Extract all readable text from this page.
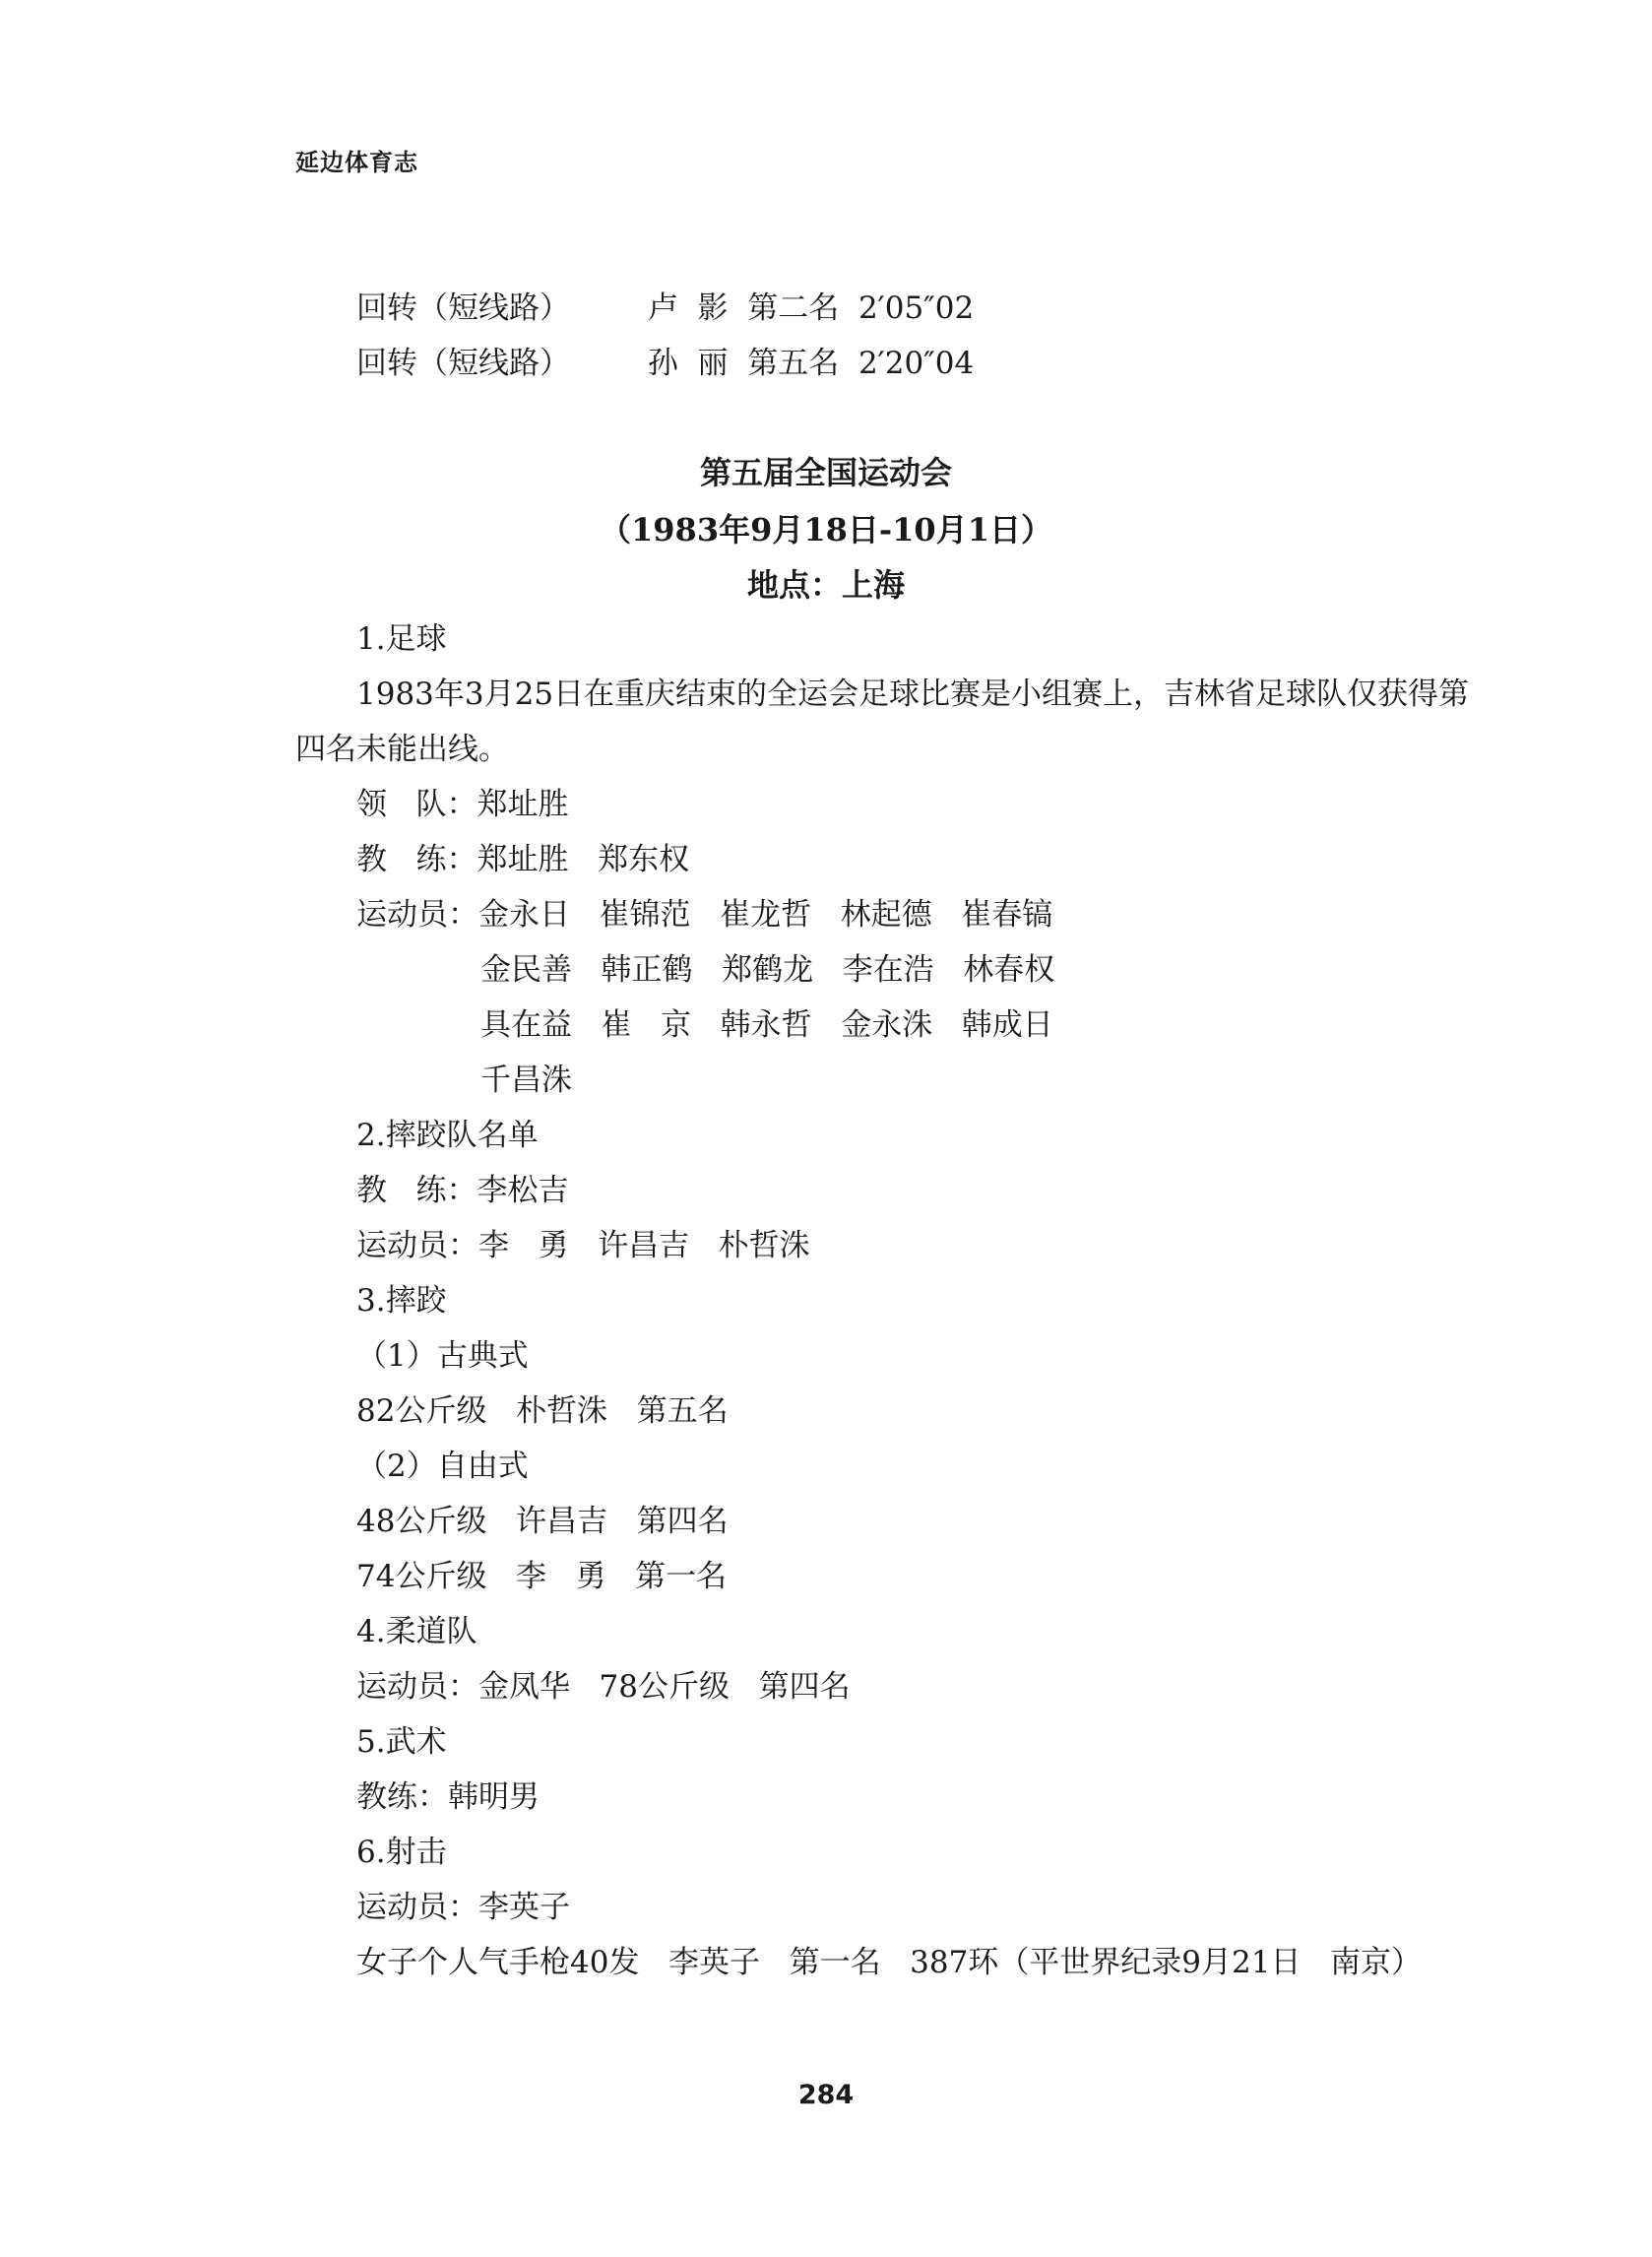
延边体育志
回转（短线路）        卢  影  第二名  2′05″02
回转（短线路）        孙  丽  第五名  2′20″04
第五届全国运动会
（1983年9月18日-10月1日）
地点：上海
1.足球
1983年3月25日在重庆结束的全运会足球比赛是小组赛上，吉林省足球队仅获得第
四名未能出线。
领   队：郑址胜
教   练：郑址胜   郑东权
运动员：金永日   崔锦范   崔龙哲   林起德   崔春镐
金民善   韩正鹤   郑鹤龙   李在浩   林春权
具在益   崔   京   韩永哲   金永洙   韩成日
千昌洙
2.摔跤队名单
教   练：李松吉
运动员：李   勇   许昌吉   朴哲洙
3.摔跤
（1）古典式
82公斤级   朴哲洙   第五名
（2）自由式
48公斤级   许昌吉   第四名
74公斤级   李   勇   第一名
4.柔道队
运动员：金凤华   78公斤级   第四名
5.武术
教练：韩明男
6.射击
运动员：李英子
女子个人气手枪40发   李英子   第一名   387环（平世界纪录9月21日   南京）
284
